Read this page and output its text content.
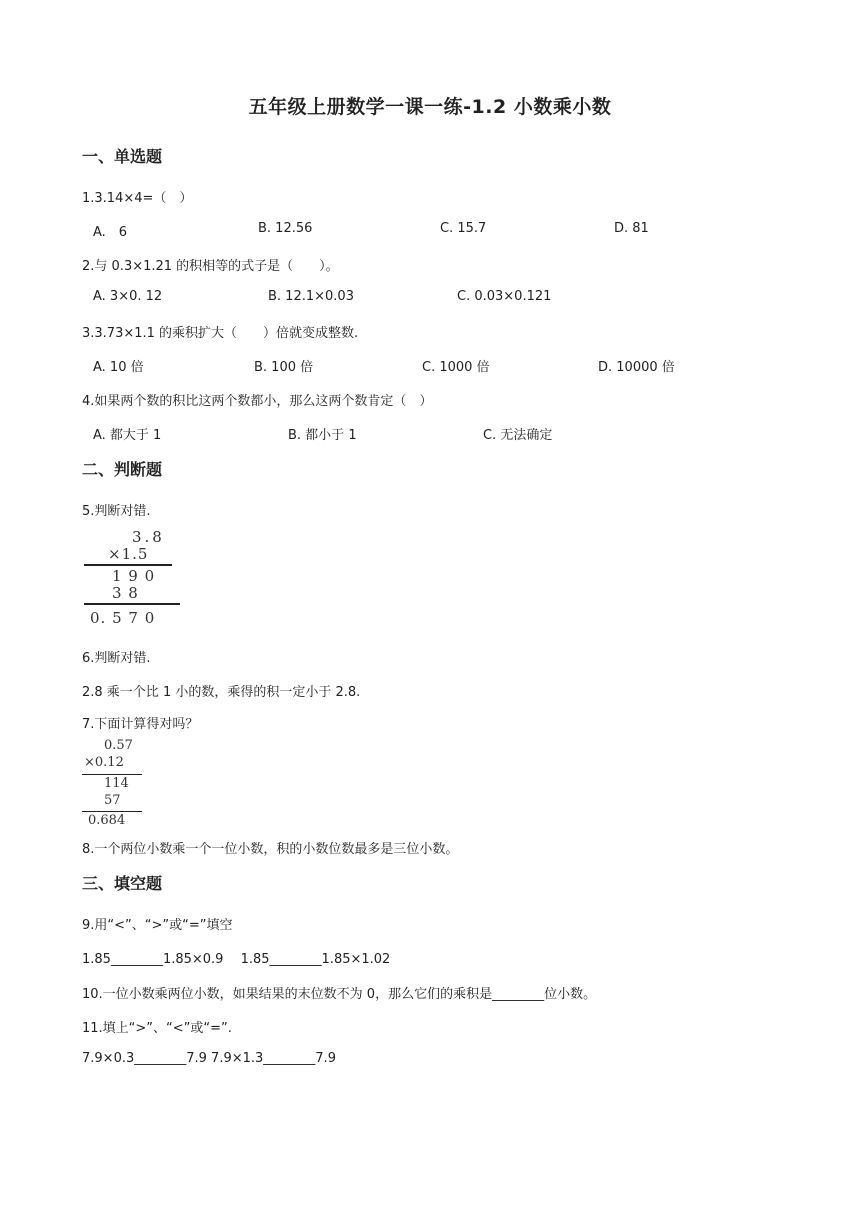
五年级上册数学一课一练-1.2 小数乘小数
一、单选题
1.3.14×4=（　）
A.　6	B. 12.56	C. 15.7	D. 81
2.与 0.3×1.21 的积相等的式子是（　　）。
A. 3×0. 12	B. 12.1×0.03	C. 0.03×0.121
3.3.73×1.1 的乘积扩大（　　）倍就变成整数.
A. 10 倍	B. 100 倍	C. 1000 倍	D. 10000 倍
4.如果两个数的积比这两个数都小，那么这两个数肯定（　）
A. 都大于 1	B. 都小于 1	C. 无法确定
二、判断题
5.判断对错.
3.8
×1.5
1 9 0
3 8
0. 5 7 0
6.判断对错.
2.8 乘一个比 1 小的数，乘得的积一定小于 2.8.
7.下面计算得对吗？
0.57
×0.12
114
57
0.684
8.一个两位小数乘一个一位小数，积的小数位数最多是三位小数。
三、填空题
9.用“<”、“>”或“=”填空
1.85________1.85×0.9　 1.85________1.85×1.02
10.一位小数乘两位小数，如果结果的末位数不为 0，那么它们的乘积是________位小数。
11.填上“>”、“<”或“=”.
7.9×0.3________7.9 7.9×1.3________7.9
